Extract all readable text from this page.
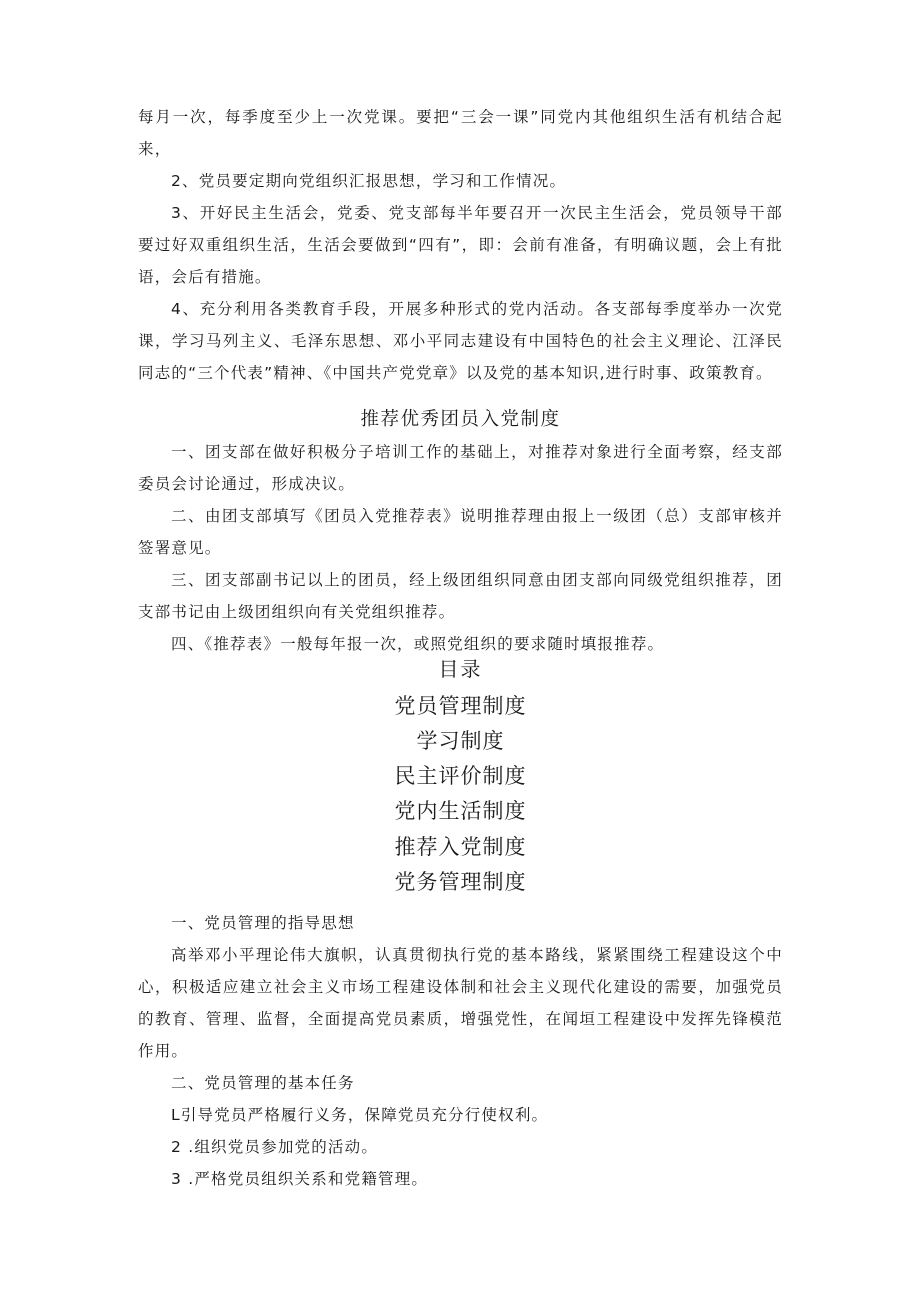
每月一次，每季度至少上一次党课。要把“三会一课”同党内其他组织生活有机结合起来，

2、党员要定期向党组织汇报思想，学习和工作情况。

3、开好民主生活会，党委、党支部每半年要召开一次民主生活会，党员领导干部要过好双重组织生活，生活会要做到“四有”，即：会前有准备，有明确议题，会上有批语，会后有措施。

4、充分利用各类教育手段，开展多种形式的党内活动。各支部每季度举办一次党课，学习马列主义、毛泽东思想、邓小平同志建设有中国特色的社会主义理论、江泽民同志的“三个代表”精神、《中国共产党党章》以及党的基本知识,进行时事、政策教育。

推荐优秀团员入党制度

一、团支部在做好积极分子培训工作的基础上，对推荐对象进行全面考察，经支部委员会讨论通过，形成决议。

二、由团支部填写《团员入党推荐表》说明推荐理由报上一级团（总）支部审核并签署意见。

三、团支部副书记以上的团员，经上级团组织同意由团支部向同级党组织推荐，团支部书记由上级团组织向有关党组织推荐。

四、《推荐表》一般每年报一次，或照党组织的要求随时填报推荐。

目录
党员管理制度
学习制度
民主评价制度
党内生活制度
推荐入党制度
党务管理制度

一、党员管理的指导思想

高举邓小平理论伟大旗帜，认真贯彻执行党的基本路线，紧紧围绕工程建设这个中心，积极适应建立社会主义市场工程建设体制和社会主义现代化建设的需要，加强党员的教育、管理、监督，全面提高党员素质，增强党性，在闻垣工程建设中发挥先锋模范作用。

二、党员管理的基本任务

L引导党员严格履行义务，保障党员充分行使权利。

2 .组织党员参加党的活动。

3 .严格党员组织关系和党籍管理。
